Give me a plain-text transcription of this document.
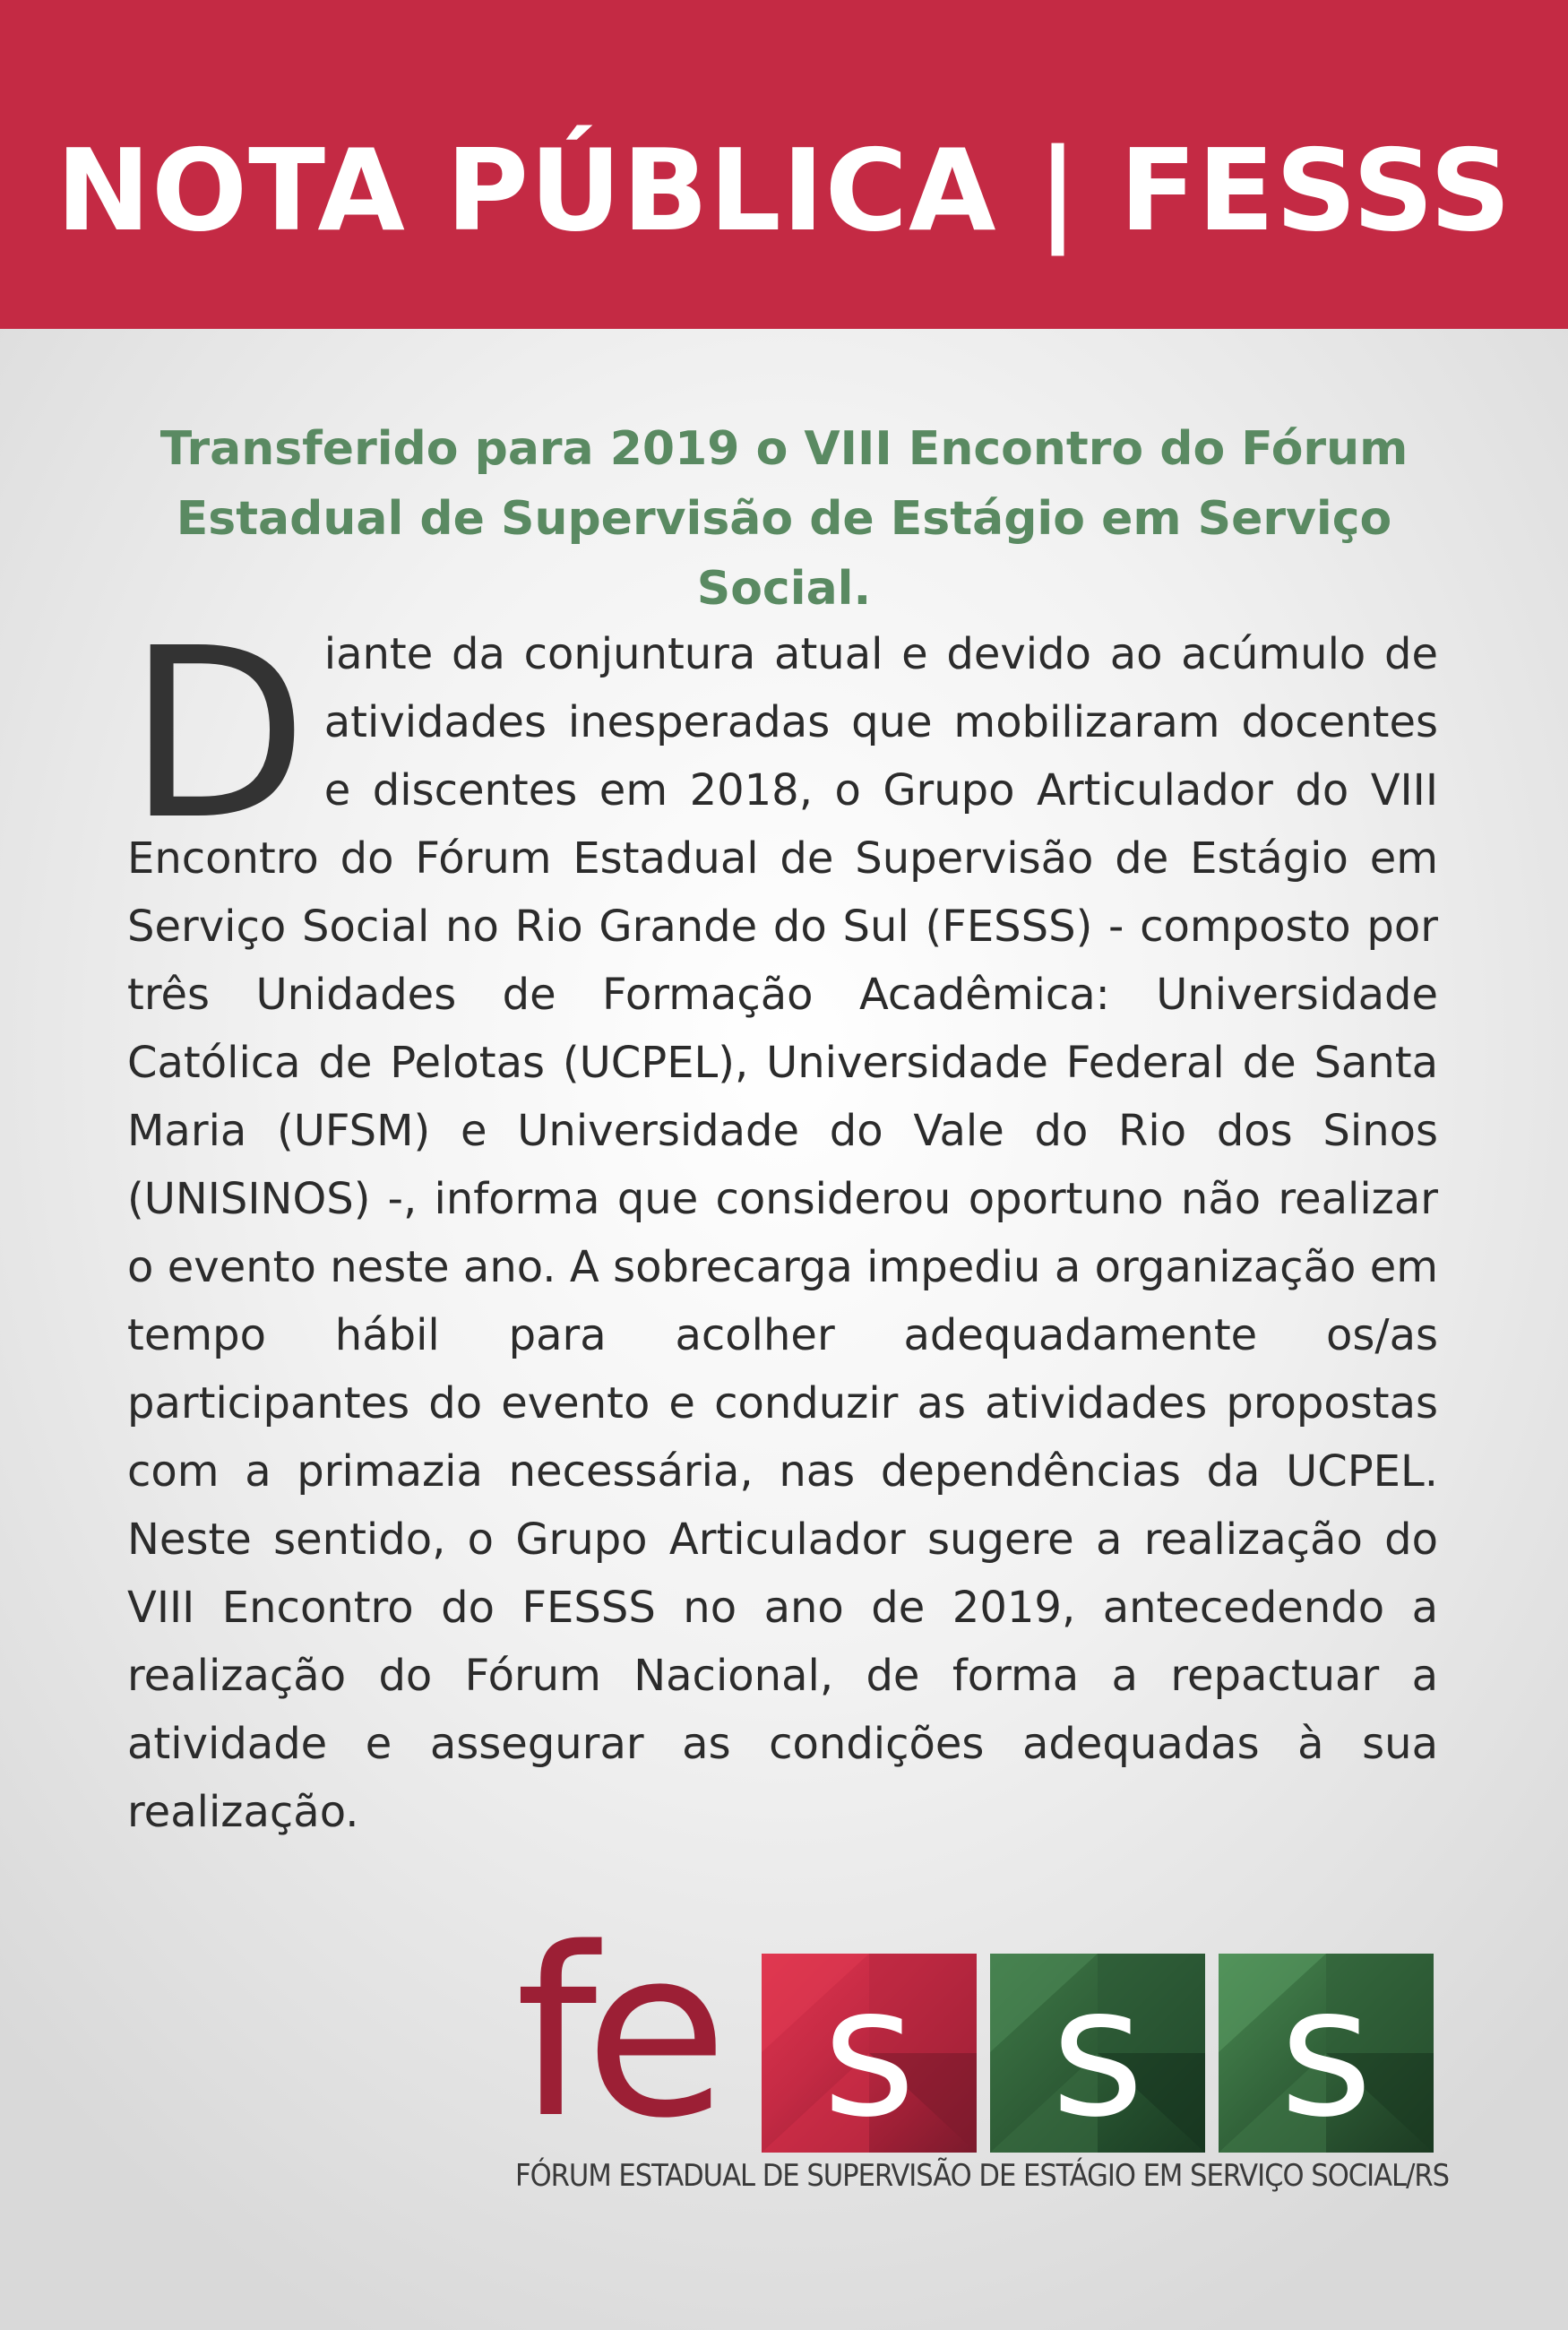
NOTA PÚBLICA | FESSS
Transferido para 2019 o VIII Encontro do Fórum Estadual de Supervisão de Estágio em Serviço Social.

Diante da conjuntura atual e devido ao acúmulo de atividades inesperadas que mobilizaram docentes e discentes em 2018, o Grupo Articulador do VIII Encontro do Fórum Estadual de Supervisão de Estágio em Serviço Social no Rio Grande do Sul (FESSS) - composto por três Unidades de Formação Acadêmica: Universidade Católica de Pelotas (UCPEL), Universidade Federal de Santa Maria (UFSM) e Universidade do Vale do Rio dos Sinos (UNISINOS) -, informa que considerou oportuno não realizar o evento neste ano. A sobrecarga impediu a organização em tempo hábil para acolher adequadamente os/as participantes do evento e conduzir as atividades propostas com a primazia necessária, nas dependências da UCPEL. Neste sentido, o Grupo Articulador sugere a realização do VIII Encontro do FESSS no ano de 2019, antecedendo a realização do Fórum Nacional, de forma a repactuar a atividade e assegurar as condições adequadas à sua realização.

fe s s s
FÓRUM ESTADUAL DE SUPERVISÃO DE ESTÁGIO EM SERVIÇO SOCIAL/RS
